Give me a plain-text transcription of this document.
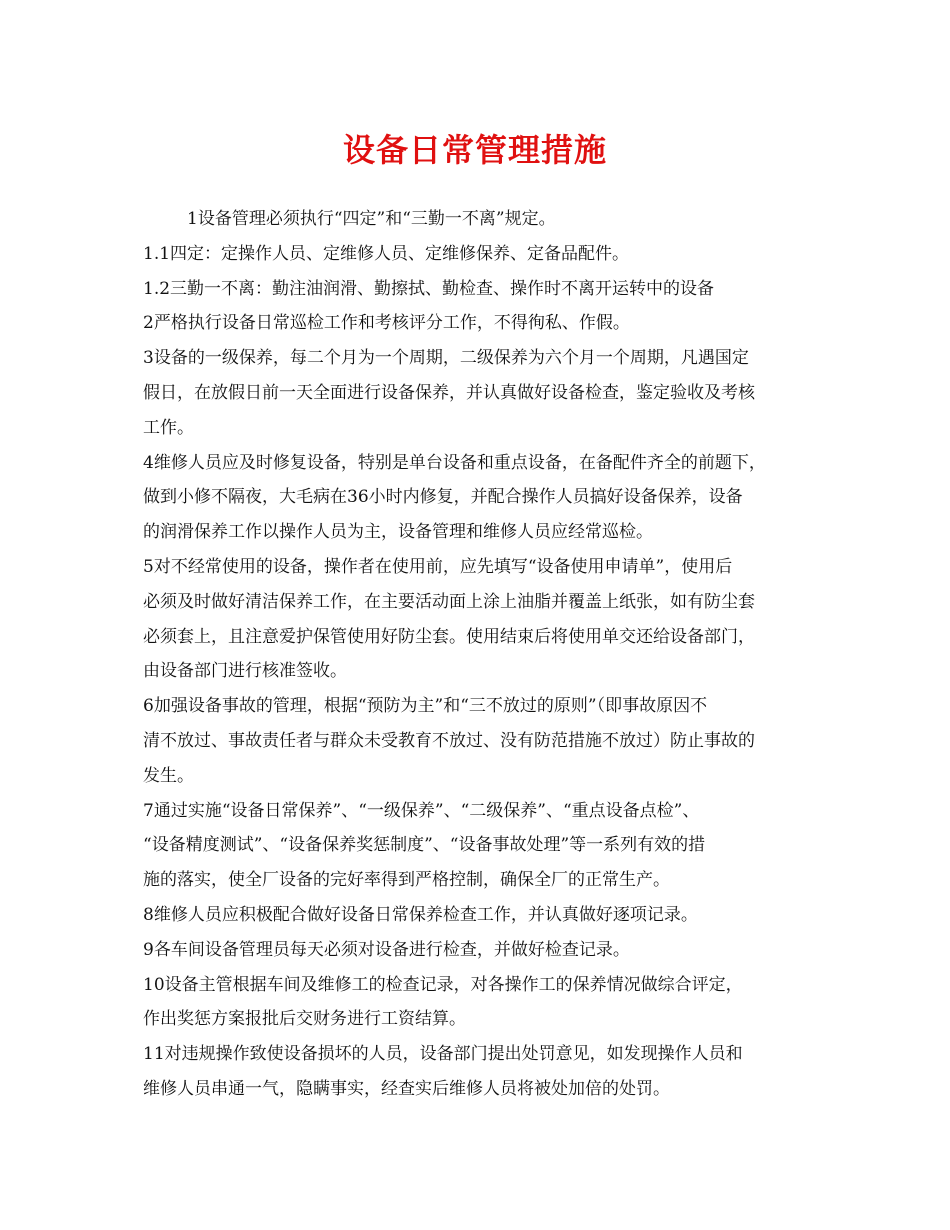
设备日常管理措施
1设备管理必须执行“四定”和“三勤一不离”规定。
1.1四定：定操作人员、定维修人员、定维修保养、定备品配件。
1.2三勤一不离：勤注油润滑、勤擦拭、勤检查、操作时不离开运转中的设备
2严格执行设备日常巡检工作和考核评分工作，不得徇私、作假。
3设备的一级保养，每二个月为一个周期，二级保养为六个月一个周期，凡遇国定
假日，在放假日前一天全面进行设备保养，并认真做好设备检查，鉴定验收及考核
工作。
4维修人员应及时修复设备，特别是单台设备和重点设备，在备配件齐全的前题下，
做到小修不隔夜，大毛病在36小时内修复，并配合操作人员搞好设备保养，设备
的润滑保养工作以操作人员为主，设备管理和维修人员应经常巡检。
5对不经常使用的设备，操作者在使用前，应先填写“设备使用申请单”，使用后
必须及时做好清洁保养工作，在主要活动面上涂上油脂并覆盖上纸张，如有防尘套
必须套上，且注意爱护保管使用好防尘套。使用结束后将使用单交还给设备部门，
由设备部门进行核准签收。
6加强设备事故的管理，根据“预防为主”和“三不放过的原则”（即事故原因不
清不放过、事故责任者与群众未受教育不放过、没有防范措施不放过）防止事故的
发生。
7通过实施“设备日常保养”、“一级保养”、“二级保养”、“重点设备点检”、
“设备精度测试”、“设备保养奖惩制度”、“设备事故处理”等一系列有效的措
施的落实，使全厂设备的完好率得到严格控制，确保全厂的正常生产。
8维修人员应积极配合做好设备日常保养检查工作，并认真做好逐项记录。
9各车间设备管理员每天必须对设备进行检查，并做好检查记录。
10设备主管根据车间及维修工的检查记录，对各操作工的保养情况做综合评定，
作出奖惩方案报批后交财务进行工资结算。
11对违规操作致使设备损坏的人员，设备部门提出处罚意见，如发现操作人员和
维修人员串通一气，隐瞒事实，经查实后维修人员将被处加倍的处罚。
